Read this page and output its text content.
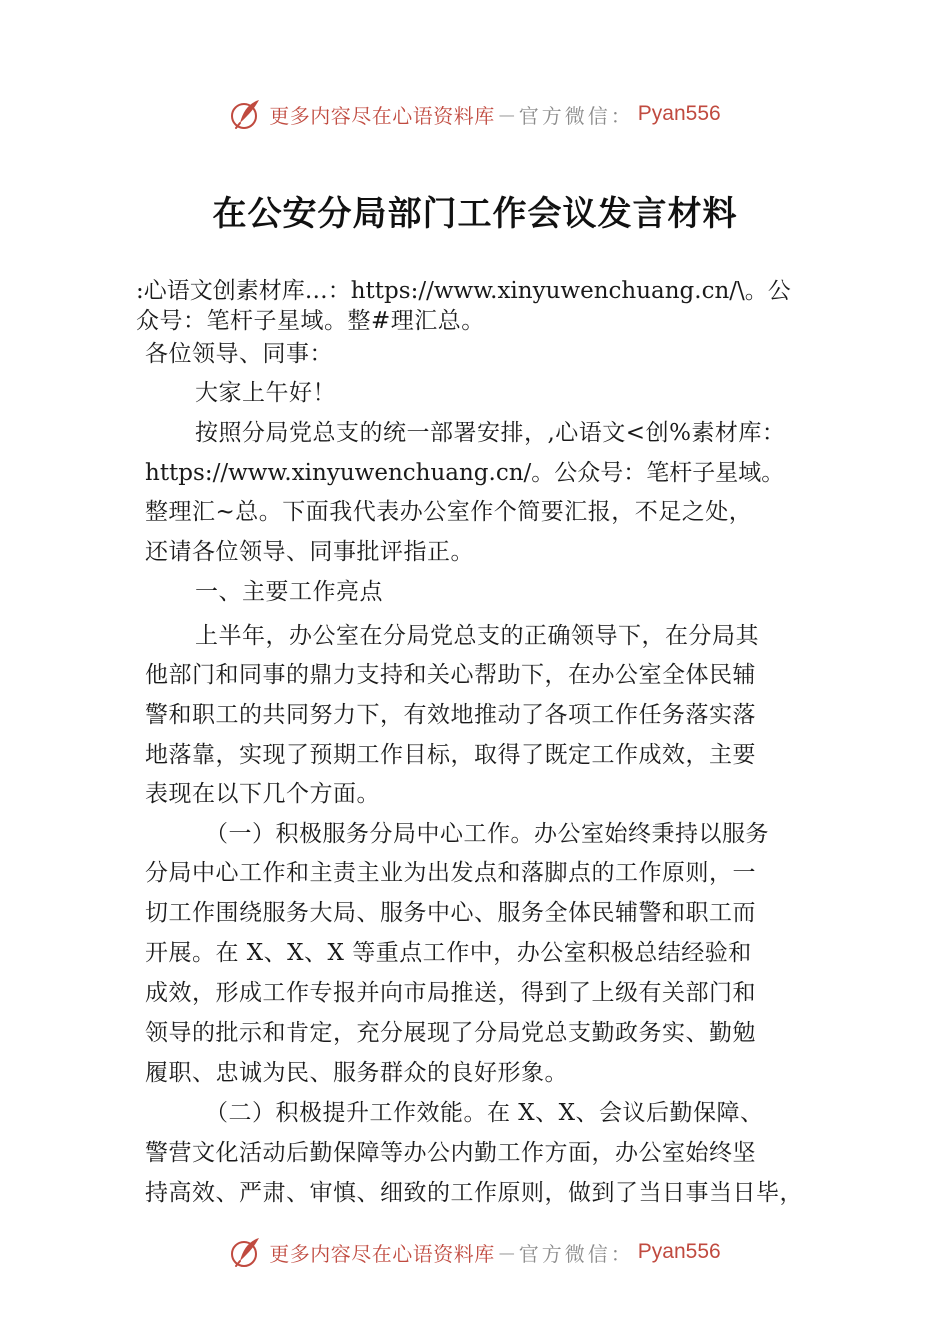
更多内容尽在心语资料库 — 官方微信： Pyan556
在公安分局部门工作会议发言材料
:心语文创素材库…：https://www.xinyuwenchuang.cn/\。公
众号：笔杆子星域。整#理汇总。
各位领导、同事：
大家上午好！
按照分局党总支的统一部署安排，,心语文<创%素材库：
https://www.xinyuwenchuang.cn/。公众号：笔杆子星域。
整理汇~总。下面我代表办公室作个简要汇报，不足之处，
还请各位领导、同事批评指正。
一、主要工作亮点
上半年，办公室在分局党总支的正确领导下，在分局其
他部门和同事的鼎力支持和关心帮助下，在办公室全体民辅
警和职工的共同努力下，有效地推动了各项工作任务落实落
地落靠，实现了预期工作目标，取得了既定工作成效，主要
表现在以下几个方面。
（一）积极服务分局中心工作。办公室始终秉持以服务
分局中心工作和主责主业为出发点和落脚点的工作原则，一
切工作围绕服务大局、服务中心、服务全体民辅警和职工而
开展。在 X、X、X 等重点工作中，办公室积极总结经验和
成效，形成工作专报并向市局推送，得到了上级有关部门和
领导的批示和肯定，充分展现了分局党总支勤政务实、勤勉
履职、忠诚为民、服务群众的良好形象。
（二）积极提升工作效能。在 X、X、会议后勤保障、
警营文化活动后勤保障等办公内勤工作方面，办公室始终坚
持高效、严肃、审慎、细致的工作原则，做到了当日事当日毕，
更多内容尽在心语资料库 — 官方微信： Pyan556
